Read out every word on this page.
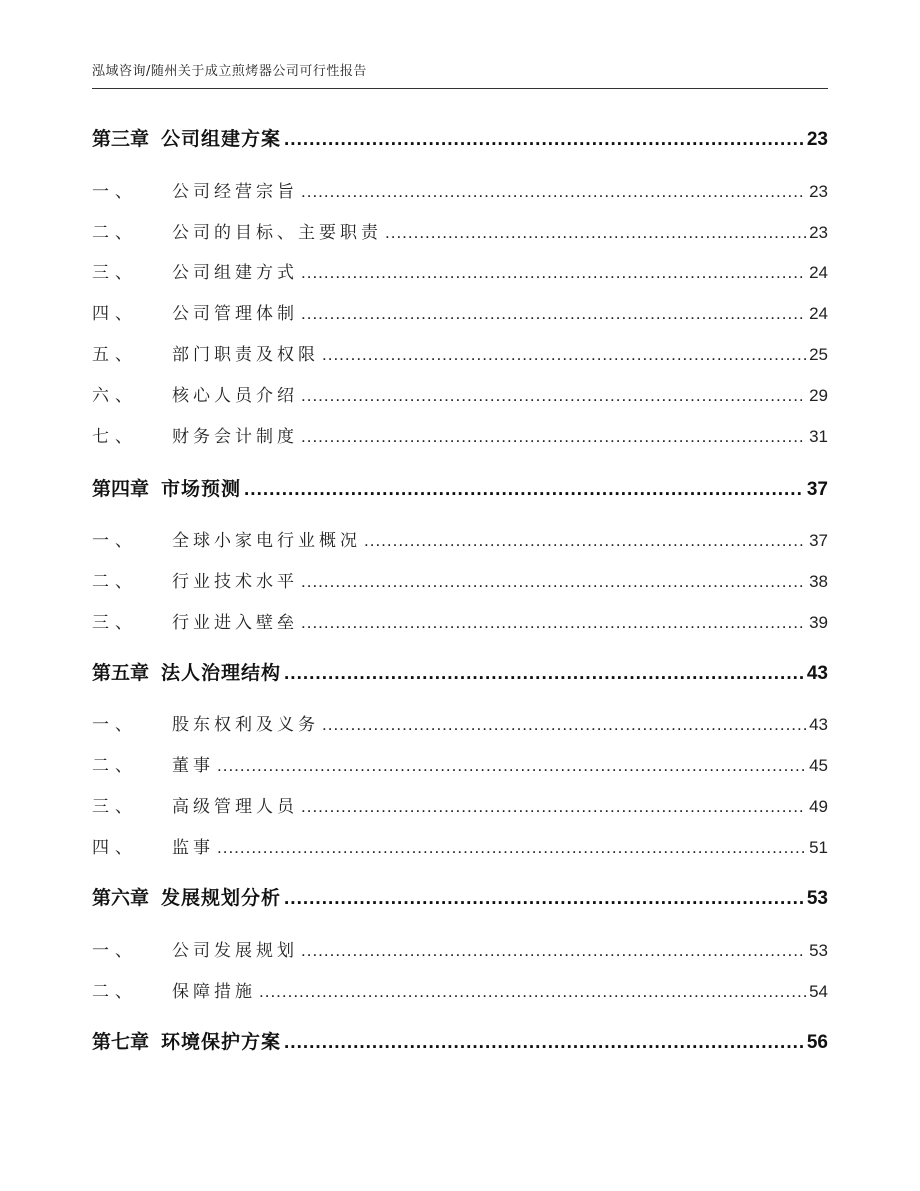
泓域咨询/随州关于成立煎烤器公司可行性报告
第三章 公司组建方案 .....	23
一、	公司经营宗旨 .....	23
二、	公司的目标、主要职责 .....	23
三、	公司组建方式 .....	24
四、	公司管理体制 .....	24
五、	部门职责及权限 .....	25
六、	核心人员介绍 .....	29
七、	财务会计制度 .....	31
第四章 市场预测 .....	37
一、	全球小家电行业概况 .....	37
二、	行业技术水平 .....	38
三、	行业进入壁垒 .....	39
第五章 法人治理结构 .....	43
一、	股东权利及义务 .....	43
二、	董事 .....	45
三、	高级管理人员 .....	49
四、	监事 .....	51
第六章 发展规划分析 .....	53
一、	公司发展规划 .....	53
二、	保障措施 .....	54
第七章 环境保护方案 .....	56
